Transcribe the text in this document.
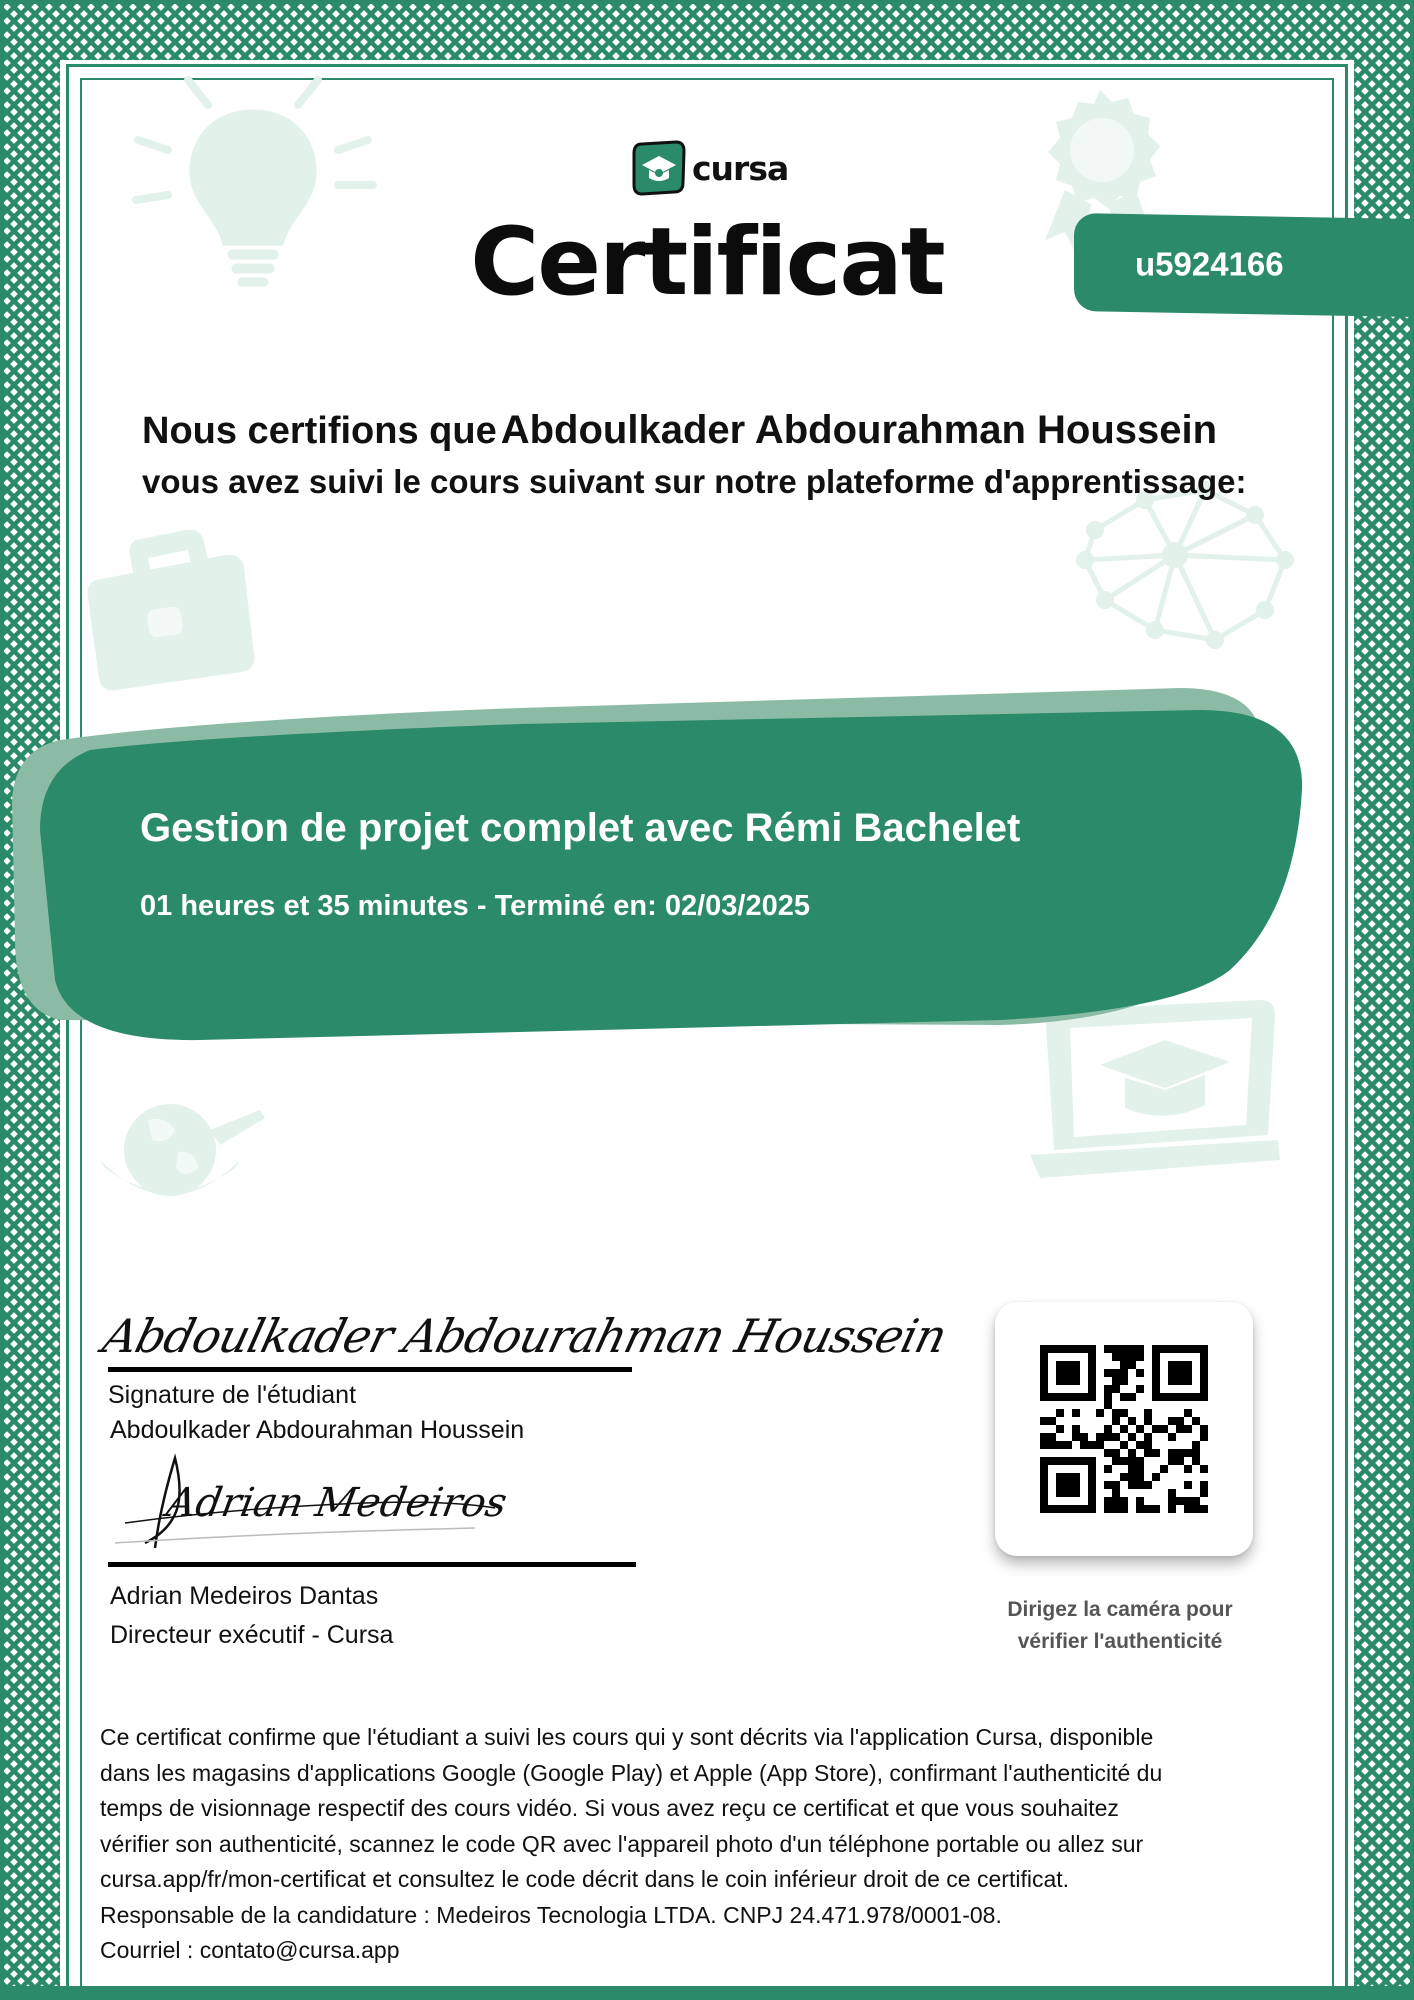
cursa
Certificat	u5924166
Nous certifions que Abdoulkader Abdourahman Houssein
vous avez suivi le cours suivant sur notre plateforme d'apprentissage:
Gestion de projet complet avec Rémi Bachelet
01 heures et 35 minutes - Terminé en: 02/03/2025
Abdoulkader Abdourahman Houssein
Signature de l'étudiant
Abdoulkader Abdourahman Houssein
Adrian Medeiros
Adrian Medeiros Dantas
Directeur exécutif - Cursa
Dirigez la caméra pour
vérifier l'authenticité

Ce certificat confirme que l'étudiant a suivi les cours qui y sont décrits via l'application Cursa, disponible

dans les magasins d'applications Google (Google Play) et Apple (App Store), confirmant l'authenticité du

temps de visionnage respectif des cours vidéo. Si vous avez reçu ce certificat et que vous souhaitez

vérifier son authenticité, scannez le code QR avec l'appareil photo d'un téléphone portable ou allez sur

cursa.app/fr/mon-certificat et consultez le code décrit dans le coin inférieur droit de ce certificat.

Responsable de la candidature : Medeiros Tecnologia LTDA. CNPJ 24.471.978/0001-08.

Courriel : contato@cursa.app
